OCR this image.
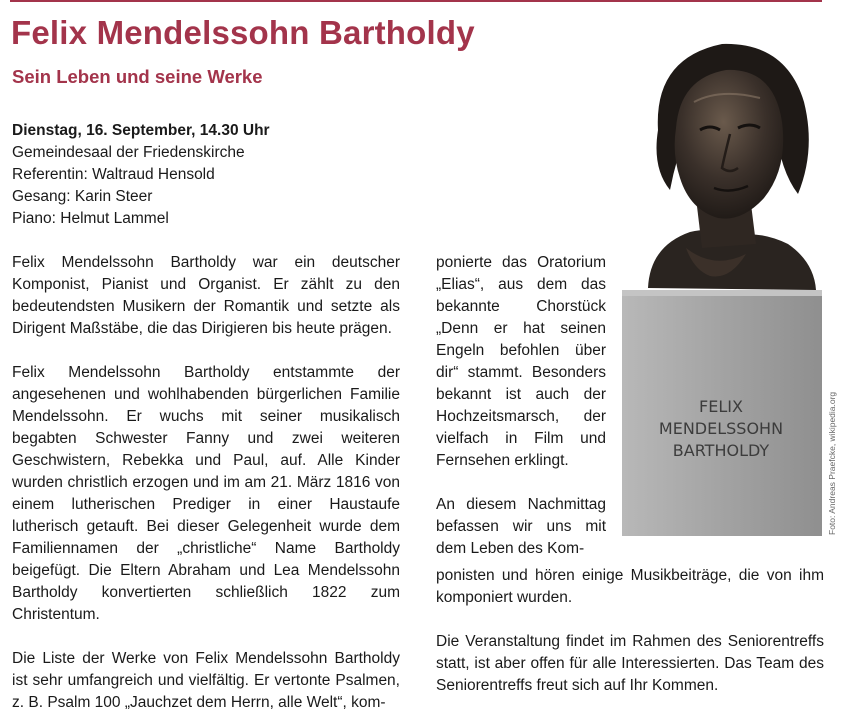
Felix Mendelssohn Bartholdy
Sein Leben und seine Werke
Dienstag, 16. September, 14.30 Uhr
Gemeindesaal der Friedenskirche
Referentin: Waltraud Hensold
Gesang: Karin Steer
Piano: Helmut Lammel

Felix Mendelssohn Bartholdy war ein deutscher Komponist, Pianist und Organist. Er zählt zu den bedeutendsten Musikern der Romantik und setzte als Dirigent Maßstäbe, die das Dirigieren bis heute prägen.

Felix Mendelssohn Bartholdy entstammte der angesehenen und wohlhabenden bürgerlichen Familie Mendelssohn. Er wuchs mit seiner musikalisch begabten Schwester Fanny und zwei weiteren Geschwistern, Rebekka und Paul, auf. Alle Kinder wurden christlich erzogen und im am 21. März 1816 von einem lutherischen Prediger in einer Haustaufe lutherisch getauft. Bei dieser Gelegenheit wurde dem Familiennamen der „christliche“ Name Bartholdy beigefügt. Die Eltern Abraham und Lea Mendelssohn Bartholdy konvertierten schließlich 1822 zum Christentum.

Die Liste der Werke von Felix Mendelssohn Bartholdy ist sehr umfangreich und vielfältig. Er vertonte Psalmen, z. B. Psalm 100 „Jauchzet dem Herrn, alle Welt“, kom-

ponierte das Oratorium „Elias“, aus dem das bekannte Chorstück „Denn er hat seinen Engeln befohlen über dir“ stammt. Besonders bekannt ist auch der Hochzeitsmarsch, der vielfach in Film und Fernsehen erklingt.

An diesem Nachmittag befassen wir uns mit dem Leben des Kom-

ponisten und hören einige Musikbeiträge, die von ihm komponiert wurden.

Die Veranstaltung findet im Rahmen des Seniorentreffs statt, ist aber offen für alle Interessierten. Das Team des Seniorentreffs freut sich auf Ihr Kommen.

FELIX
MENDELSSOHN
BARTHOLDY	Foto: Andreas Praefcke, wikipedia.org
